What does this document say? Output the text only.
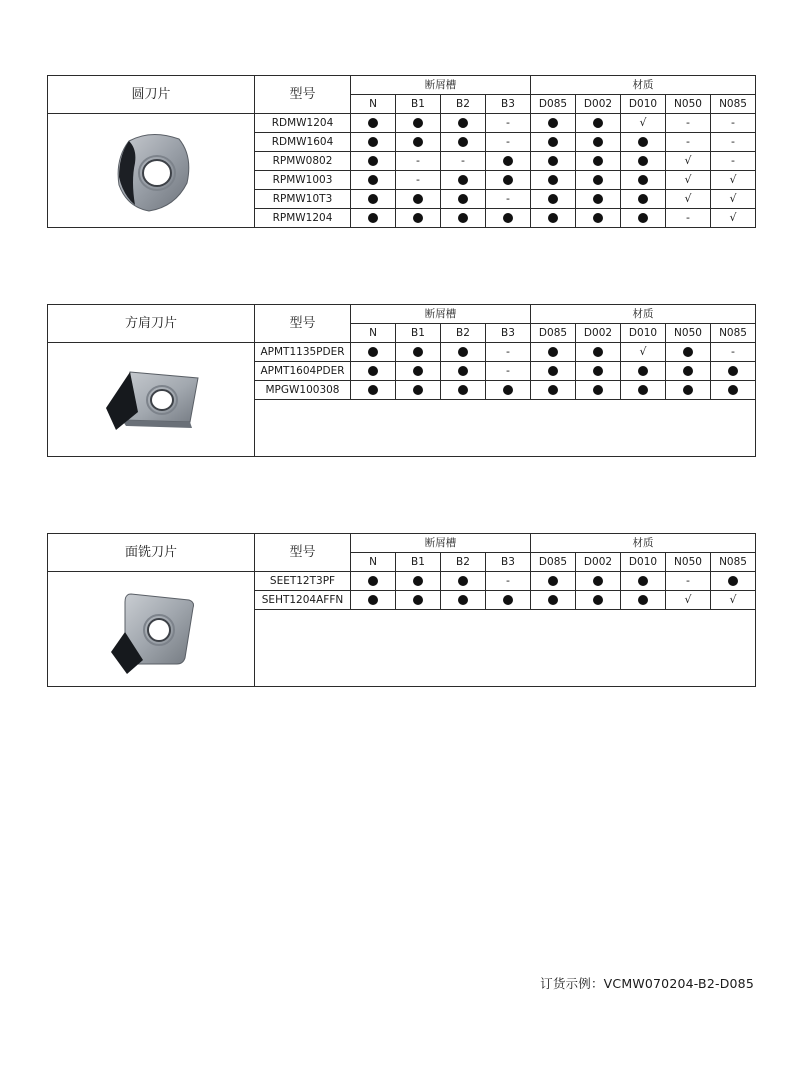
圆刀片	型号	断屑槽				材质				
		N	B1	B2	B3	D085	D002	D010	N050	N085

	RDMW1204				-			√	-	-
	RDMW1604				-				-	-
	RPMW0802		-	-					√	-
	RPMW1003		-						√	√
	RPMW10T3				-				√	√
	RPMW1204								-	√
方肩刀片	型号	断屑槽				材质				
		N	B1	B2	B3	D085	D002	D010	N050	N085

	APMT1135PDER				-			√		-
	APMT1604PDER				-					
	MPGW100308									

面铣刀片	型号	断屑槽				材质				
		N	B1	B2	B3	D085	D002	D010	N050	N085

	SEET12T3PF				-				-	
	SEHT1204AFFN								√	√

订货示例：VCMW070204-B2-D085
